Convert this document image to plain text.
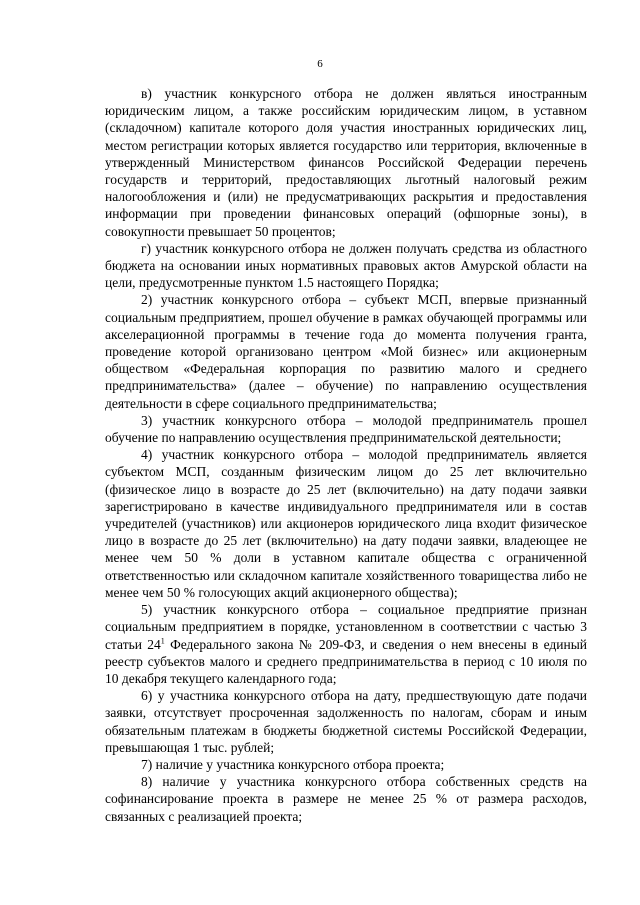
6

в) участник конкурсного отбора не должен являться иностранным юридическим лицом, а также российским юридическим лицом, в уставном (складочном) капитале которого доля участия иностранных юридических лиц, местом регистрации которых является государство или территория, включенные в утвержденный Министерством финансов Российской Федерации перечень государств и территорий, предоставляющих льготный налоговый режим налогообложения и (или) не предусматривающих раскрытия и предоставления информации при проведении финансовых операций (офшорные зоны), в совокупности превышает 50 процентов;

г) участник конкурсного отбора не должен получать средства из областного бюджета на основании иных нормативных правовых актов Амурской области на цели, предусмотренные пунктом 1.5 настоящего Порядка;

2) участник конкурсного отбора – субъект МСП, впервые признанный социальным предприятием, прошел обучение в рамках обучающей программы или акселерационной программы в течение года до момента получения гранта, проведение которой организовано центром «Мой бизнес» или акционерным обществом «Федеральная корпорация по развитию малого и среднего предпринимательства» (далее – обучение) по направлению осуществления деятельности в сфере социального предпринимательства;

3) участник конкурсного отбора – молодой предприниматель прошел обучение по направлению осуществления предпринимательской деятельности;

4) участник конкурсного отбора – молодой предприниматель является субъектом МСП, созданным физическим лицом до 25 лет включительно (физическое лицо в возрасте до 25 лет (включительно) на дату подачи заявки зарегистрировано в качестве индивидуального предпринимателя или в состав учредителей (участников) или акционеров юридического лица входит физическое лицо в возрасте до 25 лет (включительно) на дату подачи заявки, владеющее не менее чем 50 % доли в уставном капитале общества с ограниченной ответственностью или складочном капитале хозяйственного товарищества либо не менее чем 50 % голосующих акций акционерного общества);

5) участник конкурсного отбора – социальное предприятие признан социальным предприятием в порядке, установленном в соответствии с частью 3 статьи $24^1$ Федерального закона № 209-ФЗ, и сведения о нем внесены в единый реестр субъектов малого и среднего предпринимательства в период с 10 июля по 10 декабря текущего календарного года;

6) у участника конкурсного отбора на дату, предшествующую дате подачи заявки, отсутствует просроченная задолженность по налогам, сборам и иным обязательным платежам в бюджеты бюджетной системы Российской Федерации, превышающая 1 тыс. рублей;

7) наличие у участника конкурсного отбора проекта;

8) наличие у участника конкурсного отбора собственных средств на софинансирование проекта в размере не менее 25 % от размера расходов, связанных с реализацией проекта;
